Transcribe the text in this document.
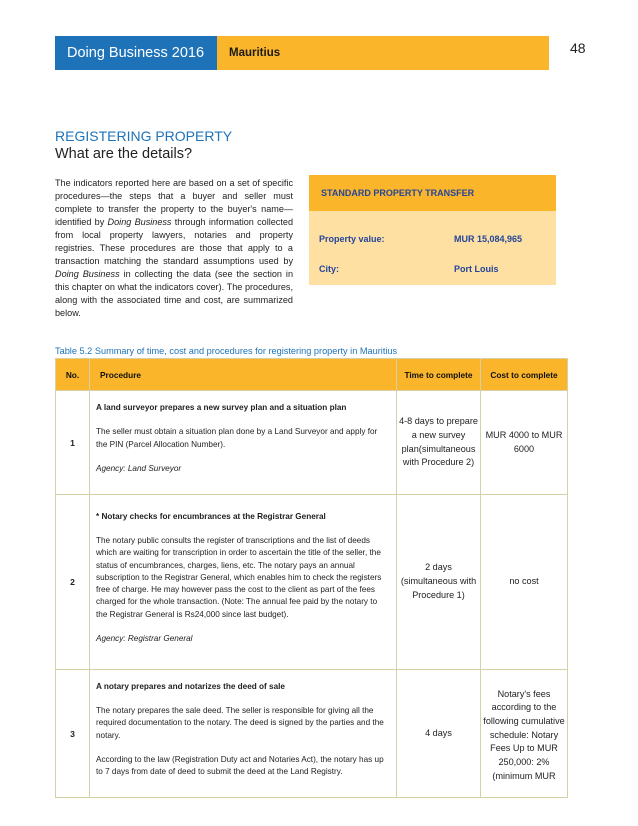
Doing Business 2016	Mauritius	48
REGISTERING PROPERTY
What are the details?
The indicators reported here are based on a set of specific procedures—the steps that a buyer and seller must complete to transfer the property to the buyer's name—identified by Doing Business through information collected from local property lawyers, notaries and property registries. These procedures are those that apply to a transaction matching the standard assumptions used by Doing Business in collecting the data (see the section in this chapter on what the indicators cover). The procedures, along with the associated time and cost, are summarized below.
STANDARD PROPERTY TRANSFER
Property value:	MUR 15,084,965
City:	Port Louis
Table 5.2 Summary of time, cost and procedures for registering property in Mauritius
No.	Procedure	Time to complete	Cost to complete
1	A land surveyor prepares a new survey plan and a situation plan

The seller must obtain a situation plan done by a Land Surveyor and apply for the PIN (Parcel Allocation Number).

Agency: Land Surveyor	4-8 days to prepare a new survey plan(simultaneous with Procedure 2)	MUR 4000 to MUR 6000
2	* Notary checks for encumbrances at the Registrar General

The notary public consults the register of transcriptions and the list of deeds which are waiting for transcription in order to ascertain the title of the seller, the status of encumbrances, charges, liens, etc. The notary pays an annual subscription to the Registrar General, which enables him to check the registers free of charge. He may however pass the cost to the client as part of the fees charged for the whole transaction. (Note: The annual fee paid by the notary to the Registrar General is Rs24,000 since last budget).

Agency: Registrar General	2 days (simultaneous with Procedure 1)	no cost
3	A notary prepares and notarizes the deed of sale

The notary prepares the sale deed. The seller is responsible for giving all the required documentation to the notary. The deed is signed by the parties and the notary.

According to the law (Registration Duty act and Notaries Act), the notary has up to 7 days from date of deed to submit the deed at the Land Registry.	4 days	Notary's fees according to the following cumulative schedule: Notary Fees Up to MUR 250,000: 2% (minimum MUR
